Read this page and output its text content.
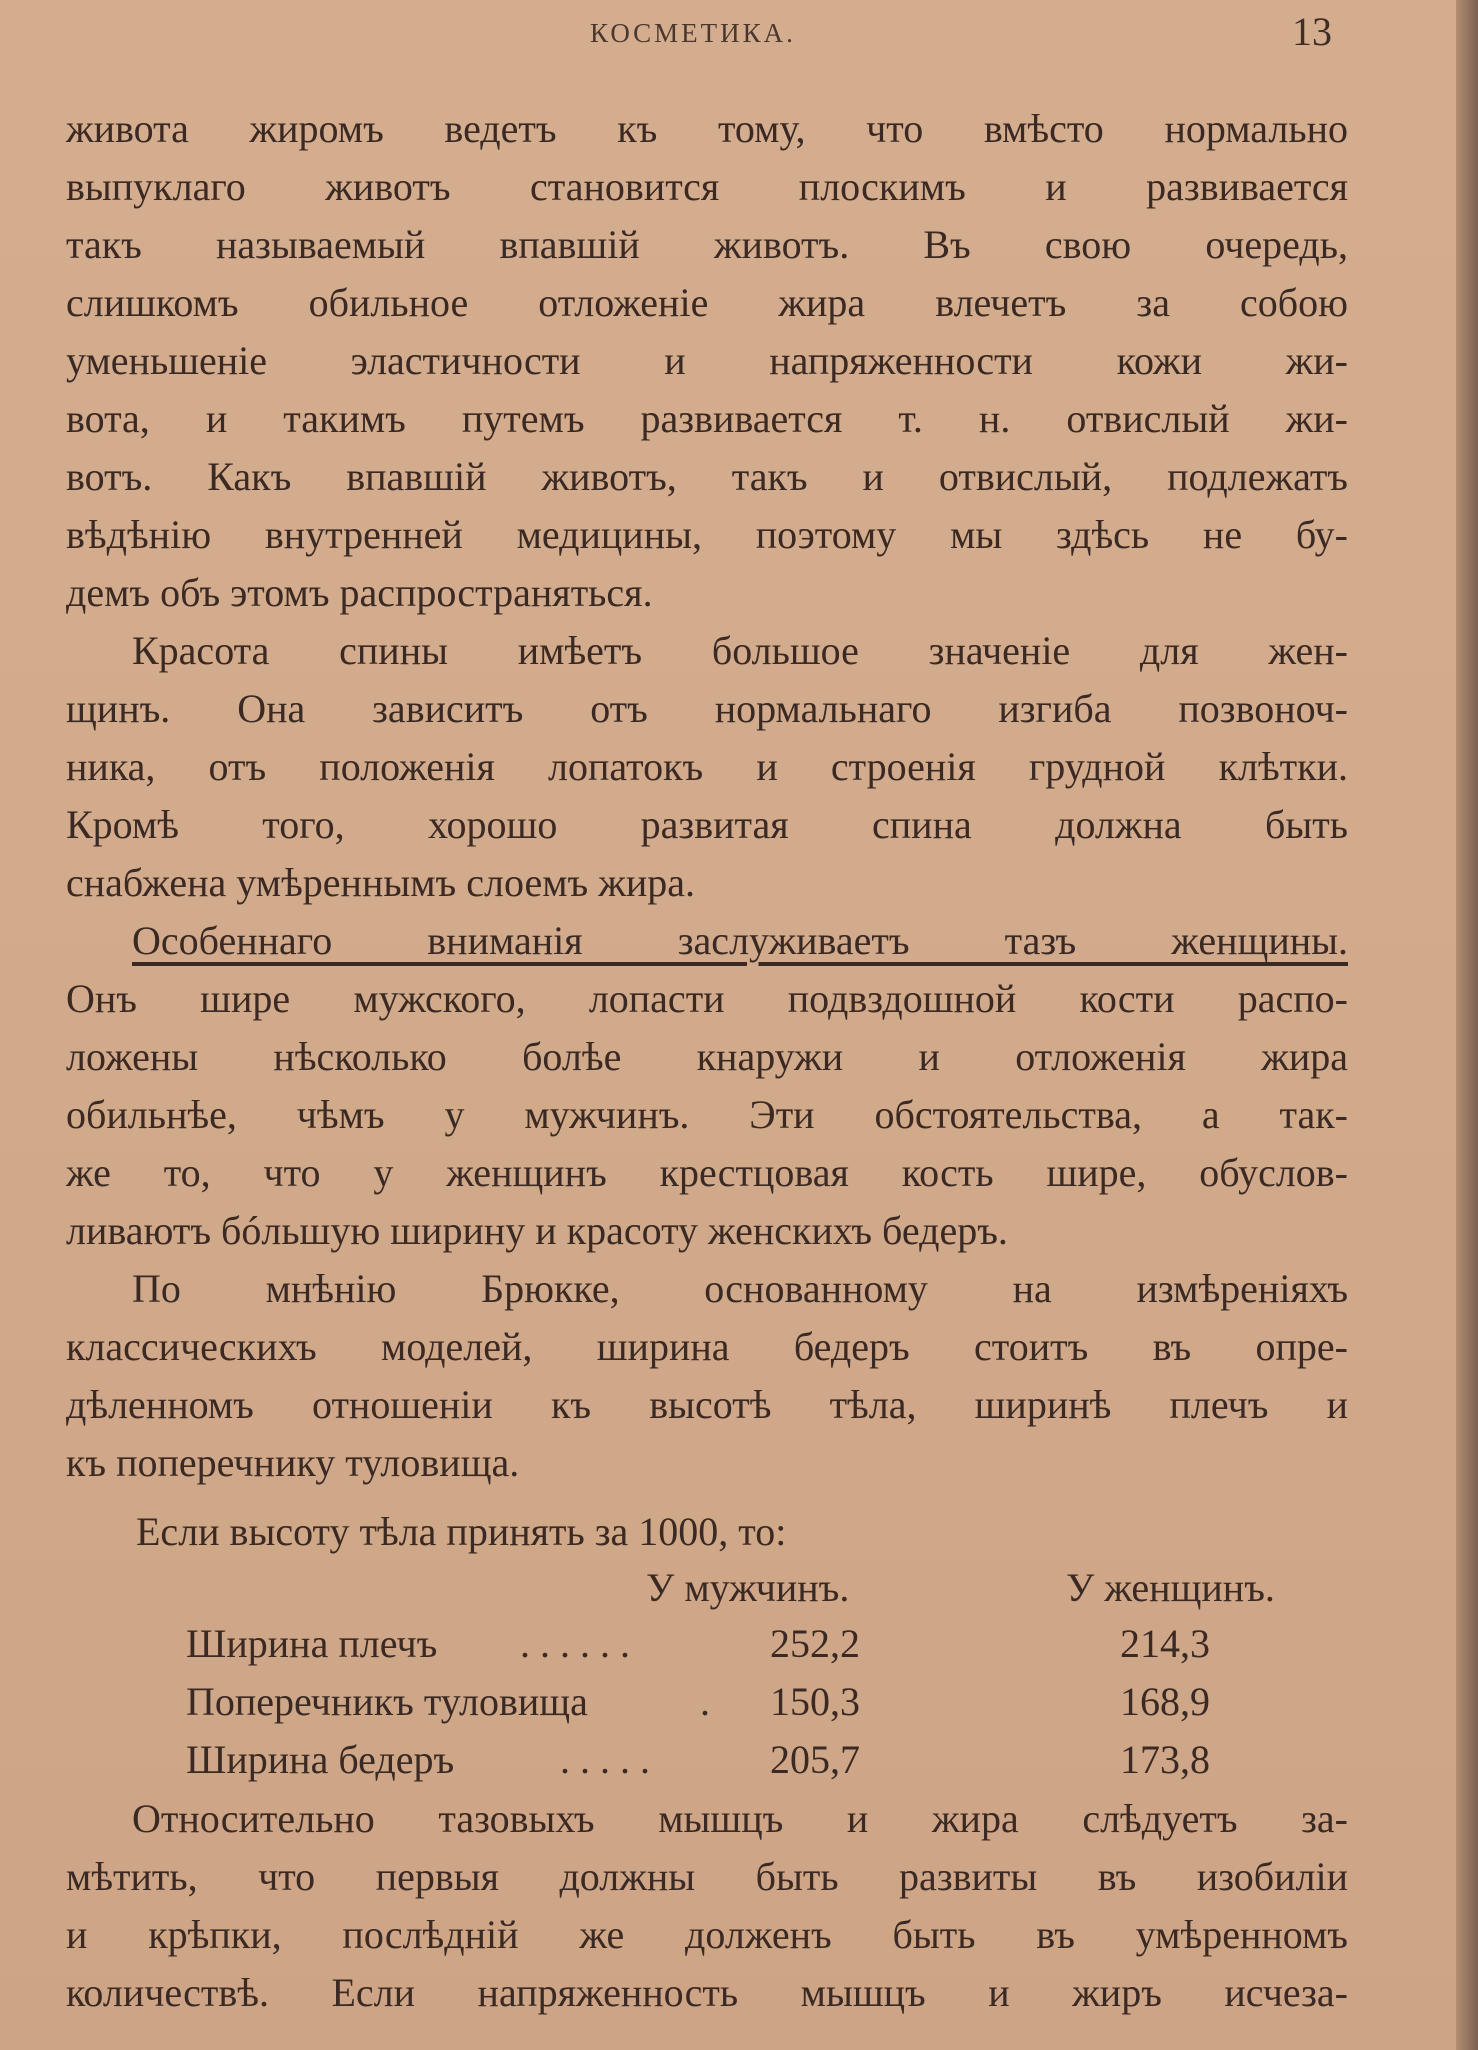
КОСМЕТИКА.	13

живота жиромъ ведетъ къ тому, что вмѣсто нормально

выпуклаго животъ становится плоскимъ и развивается

такъ называемый впавшій животъ. Въ свою очередь,

слишкомъ обильное отложеніе жира влечетъ за собою

уменьшеніе эластичности и напряженности кожи жи-

вота, и такимъ путемъ развивается т. н. отвислый жи-

вотъ. Какъ впавшій животъ, такъ и отвислый, подлежатъ

вѣдѣнію внутренней медицины, поэтому мы здѣсь не бу-

демъ объ этомъ распространяться.

Красота спины имѣетъ большое значеніе для жен-

щинъ. Она зависитъ отъ нормальнаго изгиба позвоноч-

ника, отъ положенія лопатокъ и строенія грудной клѣтки.

Кромѣ того, хорошо развитая спина должна быть

снабжена умѣреннымъ слоемъ жира.

Особеннаго вниманія заслуживаетъ тазъ женщины.

Онъ шире мужского, лопасти подвздошной кости распо-

ложены нѣсколько болѣе кнаружи и отложенія жира

обильнѣе, чѣмъ у мужчинъ. Эти обстоятельства, а так-

же то, что у женщинъ крестцовая кость шире, обуслов-

ливаютъ бóльшую ширину и красоту женскихъ бедеръ.

По мнѣнію Брюкке, основанному на измѣреніяхъ

классическихъ моделей, ширина бедеръ стоитъ въ опре-

дѣленномъ отношеніи къ высотѣ тѣла, ширинѣ плечъ и

къ поперечнику туловища.

Если высоту тѣла принять за 1000, то:
У мужчинъ.	У женщинъ.
Ширина плечъ ......	252,2	214,3
Поперечникъ туловища	. 150,3	168,9
Ширина бедеръ	.....	205,7	173,8

Относительно тазовыхъ мышцъ и жира слѣдуетъ за-

мѣтить, что первыя должны быть развиты въ изобиліи

и крѣпки, послѣдній же долженъ быть въ умѣренномъ

количествѣ. Если напряженность мышцъ и жиръ исчеза-
